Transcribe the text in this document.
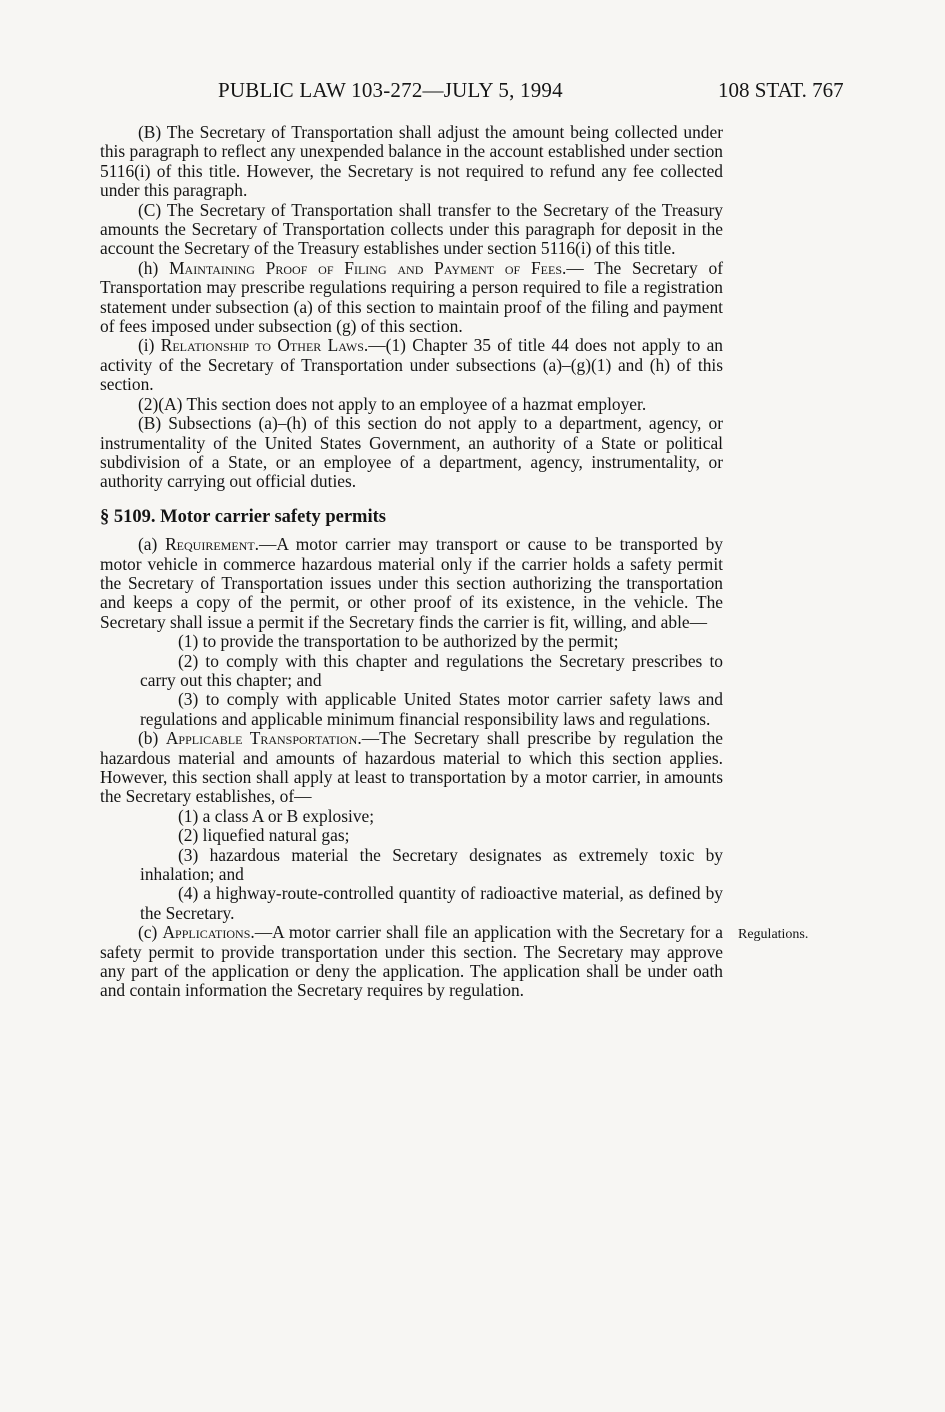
PUBLIC LAW 103-272—JULY 5, 1994	108 STAT. 767

(B) The Secretary of Transportation shall adjust the amount being collected under this paragraph to reflect any unexpended balance in the account established under section 5116(i) of this title. However, the Secretary is not required to refund any fee collected under this paragraph.

(C) The Secretary of Transportation shall transfer to the Secretary of the Treasury amounts the Secretary of Transportation collects under this paragraph for deposit in the account the Secretary of the Treasury establishes under section 5116(i) of this title.

(h) Maintaining Proof of Filing and Payment of Fees.— The Secretary of Transportation may prescribe regulations requiring a person required to file a registration statement under subsection (a) of this section to maintain proof of the filing and payment of fees imposed under subsection (g) of this section.

(i) Relationship to Other Laws.—(1) Chapter 35 of title 44 does not apply to an activity of the Secretary of Transportation under subsections (a)–(g)(1) and (h) of this section.

(2)(A) This section does not apply to an employee of a hazmat employer.

(B) Subsections (a)–(h) of this section do not apply to a department, agency, or instrumentality of the United States Government, an authority of a State or political subdivision of a State, or an employee of a department, agency, instrumentality, or authority carrying out official duties.

§ 5109. Motor carrier safety permits

(a) Requirement.—A motor carrier may transport or cause to be transported by motor vehicle in commerce hazardous material only if the carrier holds a safety permit the Secretary of Transportation issues under this section authorizing the transportation and keeps a copy of the permit, or other proof of its existence, in the vehicle. The Secretary shall issue a permit if the Secretary finds the carrier is fit, willing, and able—

(1) to provide the transportation to be authorized by the permit;

(2) to comply with this chapter and regulations the Secretary prescribes to carry out this chapter; and

(3) to comply with applicable United States motor carrier safety laws and regulations and applicable minimum financial responsibility laws and regulations.

(b) Applicable Transportation.—The Secretary shall prescribe by regulation the hazardous material and amounts of hazardous material to which this section applies. However, this section shall apply at least to transportation by a motor carrier, in amounts the Secretary establishes, of—

(1) a class A or B explosive;

(2) liquefied natural gas;

(3) hazardous material the Secretary designates as extremely toxic by inhalation; and

(4) a highway-route-controlled quantity of radioactive material, as defined by the Secretary.

(c) Applications.—A motor carrier shall file an application with the Secretary for a safety permit to provide transportation under this section. The Secretary may approve any part of the application or deny the application. The application shall be under oath and contain information the Secretary requires by regulation.

Regulations.
